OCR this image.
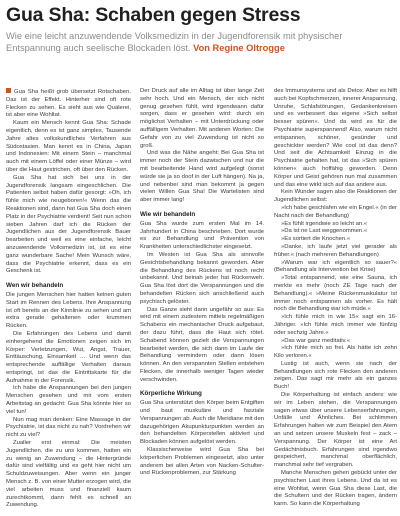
Gua Sha: Schaben gegen Stress

Wie eine leicht anzuwendende Volksmedizin in der Jugendforensik mit physischer Entspannung auch seelische Blockaden löst. Von Regine Oltrogge

Gua Sha heißt grob übersetzt Rotschaben. Das ist der Effekt. Hinterher sind oft rote Flecken zu sehen. Es sieht aus wie Quälerei, ist aber eine Wohltat.

Kaum ein Mensch kennt Gua Sha: Schade eigentlich, denn es ist ganz simples, Tausende Jahre altes volkskundliches Verfahren aus Südostasien. Man kennt es in China, Japan und Indonesien: Mit einem Stein – manchmal auch mit einem Löffel oder einer Münze – wird über die Haut gestrichen, oft über den Rücken.

Gua Sha hat sich bei uns in der Jugendforensik langsam eingeschlichen. Die Patienten selbst haben dafür gesorgt: »Oh, ich fühle mich wie neugeboren!« Wenn das die Reaktionen sind, dann hat Gua Sha doch einen Platz in der Psychiatrie verdient! Seit nun schon sieben Jahren darf ich die Rücken der Jugendlichen aus der Jugendforensik Bauer bearbeiten und weil es eine einfache, leicht anzuwendende Volksmedizin ist, ist es eine ganz wunderbare Sache! Mein Wunsch wäre, dass die Psychiatrie erkennt, dass es ein Geschenk ist.

Wen wir behandeln

Die jungen Menschen hier hatten keinen guten Start im Rennen des Lebens. Ihre Anspannung ist oft bereits an der Kinnlinie zu sehen und am extra gerade gehaltenen oder krummen Rücken.

Die Erfahrungen des Lebens und damit einhergehend die Emotionen zeigen sich im Körper: Verletzungen, Wut, Angst, Trauer, Enttäuschung, Einsamkeit … Und wenn das entsprechende auffällige Verhalten daraus entspringt, ist das die Eintrittskarte für die Aufnahme in der Forensik.

Ich habe die Anspannungen bei den jungen Menschen gesehen und mir vom ersten Arbeitstag an gedacht: Gua Sha könnte hier so viel tun!

Nun mag man denken: Eine Massage in der Psychiatrie, ist das nicht zu nah? Vordrehen wir nicht zu viel?

Zualler erst einmal: Die meisten Jugendlichen, die zu uns kommen, hatten ein zu wenig an Zuwendung – die Hintergründe dafür sind vielfältig und es geht hier nicht um Schuldzuweisungen. Aber wenn ein junger Mensch z. B. von einer Mutter erzogen wird, die viel arbeiten muss und finanziell kaum zurechtkommt, dann fehlt es schnell an Zuwendung.

Der Druck auf alle im Alltag ist über lange Zeit sehr hoch. Und ein Mensch, der sich nicht genug gesehen fühlt, wird irgendwann dafür sorgen, dass er gesehen wird: durch ein möglichst Verhalten – mit Unterdrückung oder auffälligem Verhalten. Mit anderen Worten: Die Gefahr von zu viel Zuwendung ist nicht so groß.

Und was die Nähe angeht: Bei Gua Sha ist immer noch der Stein dazwischen und nur die mit bearbeitende Hand wird aufgelegt (sonst würde sie ja so doof in der Luft hängen). Na ja, und nebenbei sind man bekommt ja gegen vielen Willen Gua Sha! Die Wartelisten sind aber immer lang!

Wie wir behandeln

Gua Sha wurde zum ersten Mal im 14. Jahrhundert in China beschrieben. Dort wurde es zur Behandlung und Prävention von Krankheiten unterschiedlichster eingesetzt.

Im Westen ist Gua Sha als sinnvolle Gesichtsbehandlung bekannt geworden. Aber die Behandlung des Rückens ist noch recht unbekannt. Und beinah jeder hat Rückenweh. Gua Sha löst dort die Verspannungen und die behandelten Rücken sich anschließend auch psychisch gelöster.

Das Ganze sieht dann ungefähr so aus: Es wird mit einem zudestem mittels regelmäßigen Schabens ein mechanischer Druck aufgebaut, der dazu führt, dass die Haut sich rötet. Schabend können gezielt die Verspannungen bearbeitet werden, die sich dann im Laufe der Behandlung vermindern oder dann lösen können. An den verspannten Stellen entstehen Flecken, die innerhalb weniger Tagen wieder verschwinden.

Körperliche Wirkung

Gua Sha unterstützt den Körper beim Entgiften und baut muskuläre und fasziale Verspannungen ab. Auch die Meridiane mit den dazugehörigen Akupunkturpunkten werden an den behandelten Körperstellen aktiviert und Blockaden können aufgelöst werden.

Klassischerweise wird Gua Sha bei körperlichen Problemen eingesetzt, also unter anderem bei allen Arten von Nacken-Schulter- und Rückenproblemen, zur Stärkung

des Immunsystems und als Detox. Aber es hilft auch bei Kopfschmerzen, innerer Anspannung, Unruhe, Schlafstörungen, Gedankenkreisen und es verbessert das eigene »Sich selbst besser spüren«. Und da wird es für die Psychiatrie superspannend! Also, warum nicht entspannen, schöner, gesünder und geschickter werden? Wie cool ist das denn? Und seit die Achtsamkeit Einzug in die Psychiatrie gehalten hat, ist das »Sich spüren können« auch hoffähig geworden. Denn Körper und Geist gehören nun mal zusammen und das eine wirkt sich auf das andere aus.

Kein Wunder sagen also die Reaktionen der Jugendlichen selbst:

»Ich habe geschlafen wie ein Engel.« (in der Nacht nach der Behandlung)

»Es fühlt irgendwie so leicht an.«

»Da ist ne Last weggenommen.«

»Es sortiert die Knochen.«

»Danke, ich laufe jetzt viel gerader als früher.« (nach mehreren Behandlungen)

»Warum war ich eigentlich so sauer?« (Behandlung als Intervention bei Krise)

»Total entspannend, wie eine Sauna, ich merkte es mehr (noch ZE Tage nach der Behandlung).« »Meine Rückenmuskulatur ist immer noch entspannen als vorher. Es hält noch die Behandlung war ich müde.«

»Ich fühle mich in wie 15« sagt ein 16-Jähriger. »Ich fühle mich immer wie fünfzig oder sechzig Jahre.«

»Das war ganz meditativ.«

»Ich fühle mich so frei. Als hätte ich zehn Kilo verloren.«

Lustig ist auch, wenn sie nach der Behandlungen sich rote Flecken den anderen zeigen. Das sagt mir mehr als ein ganzes Buch!

Die Körperhaltung ist einfach anders: wie wir im Leben stehen, die Verspannungen sagen etwas über unsere Lebenserfahrungen, Unfälle und Ähnliches. Bei schlimmen Erfahrungen halten wir zum Beispiel den Atem an und setzen unsere Muskeln fest – zack – Verspannung. Der Körper ist eine Art Gedächtnisbuch. Erfahrungen sind irgendwo gespeichert, manchmal oberflächlich, manchmal sehr tief vergraben.

Manche Menschen gehen gebückt unter der psychischen Last ihres Lebens. Und da ist es eine Wohltat, wenn Gua Sha diese Last, die die Schultern und der Rücken tragen, ändern kann. So kann die Körperhaltung
